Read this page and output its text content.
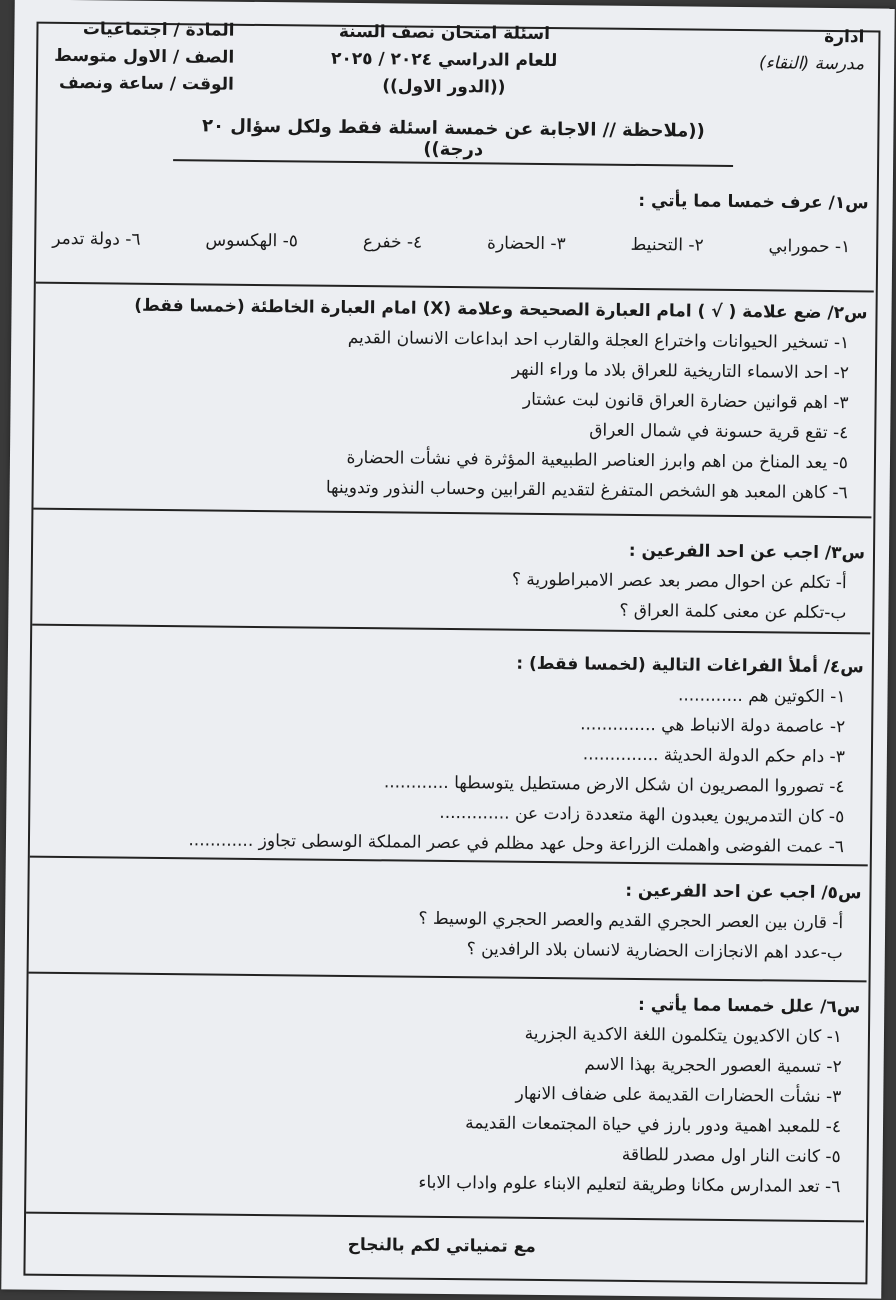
ادارة
مدرسة (النقاء)
اسئلة امتحان نصف السنة
للعام الدراسي ٢٠٢٤ / ٢٠٢٥
((الدور الاول))
المادة / اجتماعيات
الصف / الاول متوسط
الوقت / ساعة ونصف
((ملاحظة // الاجابة عن خمسة اسئلة فقط ولكل سؤال ٢٠ درجة))
س١/ عرف خمسا مما يأتي :
١- حمورابي
٢- التحنيط
٣- الحضارة
٤- خفرع
٥- الهكسوس
٦- دولة تدمر
س٢/ ضع علامة ( √ ) امام العبارة الصحيحة وعلامة (X) امام العبارة الخاطئة (خمسا فقط)
١- تسخير الحيوانات واختراع العجلة والقارب احد ابداعات الانسان القديم
٢- احد الاسماء التاريخية للعراق بلاد ما وراء النهر
٣- اهم قوانين حضارة العراق قانون لبت عشتار
٤- تقع قرية حسونة في شمال العراق
٥- يعد المناخ من اهم وابرز العناصر الطبيعية المؤثرة في نشأت الحضارة
٦- كاهن المعبد هو الشخص المتفرغ لتقديم القرابين وحساب النذور وتدوينها
س٣/ اجب عن احد الفرعين :
أ- تكلم عن احوال مصر بعد عصر الامبراطورية ؟
ب-تكلم عن معنى كلمة العراق ؟
س٤/ أملأ الفراغات التالية (لخمسا فقط) :
١- الكوتين هم ............
٢- عاصمة دولة الانباط هي ..............
٣- دام حكم الدولة الحديثة ..............
٤- تصوروا المصريون ان شكل الارض مستطيل يتوسطها ............
٥- كان التدمريون يعبدون الهة متعددة زادت عن .............
٦- عمت الفوضى واهملت الزراعة وحل عهد مظلم في عصر المملكة الوسطى تجاوز ............
س٥/ اجب عن احد الفرعين :
أ- قارن بين العصر الحجري القديم والعصر الحجري الوسيط ؟
ب-عدد اهم الانجازات الحضارية لانسان بلاد الرافدين ؟
س٦/ علل خمسا مما يأتي :
١- كان الاكديون يتكلمون اللغة الاكدية الجزرية
٢- تسمية العصور الحجرية بهذا الاسم
٣- نشأت الحضارات القديمة على ضفاف الانهار
٤- للمعبد اهمية ودور بارز في حياة المجتمعات القديمة
٥- كانت النار اول مصدر للطاقة
٦- تعد المدارس مكانا وطريقة لتعليم الابناء علوم واداب الاباء
مع تمنياتي لكم بالنجاح
